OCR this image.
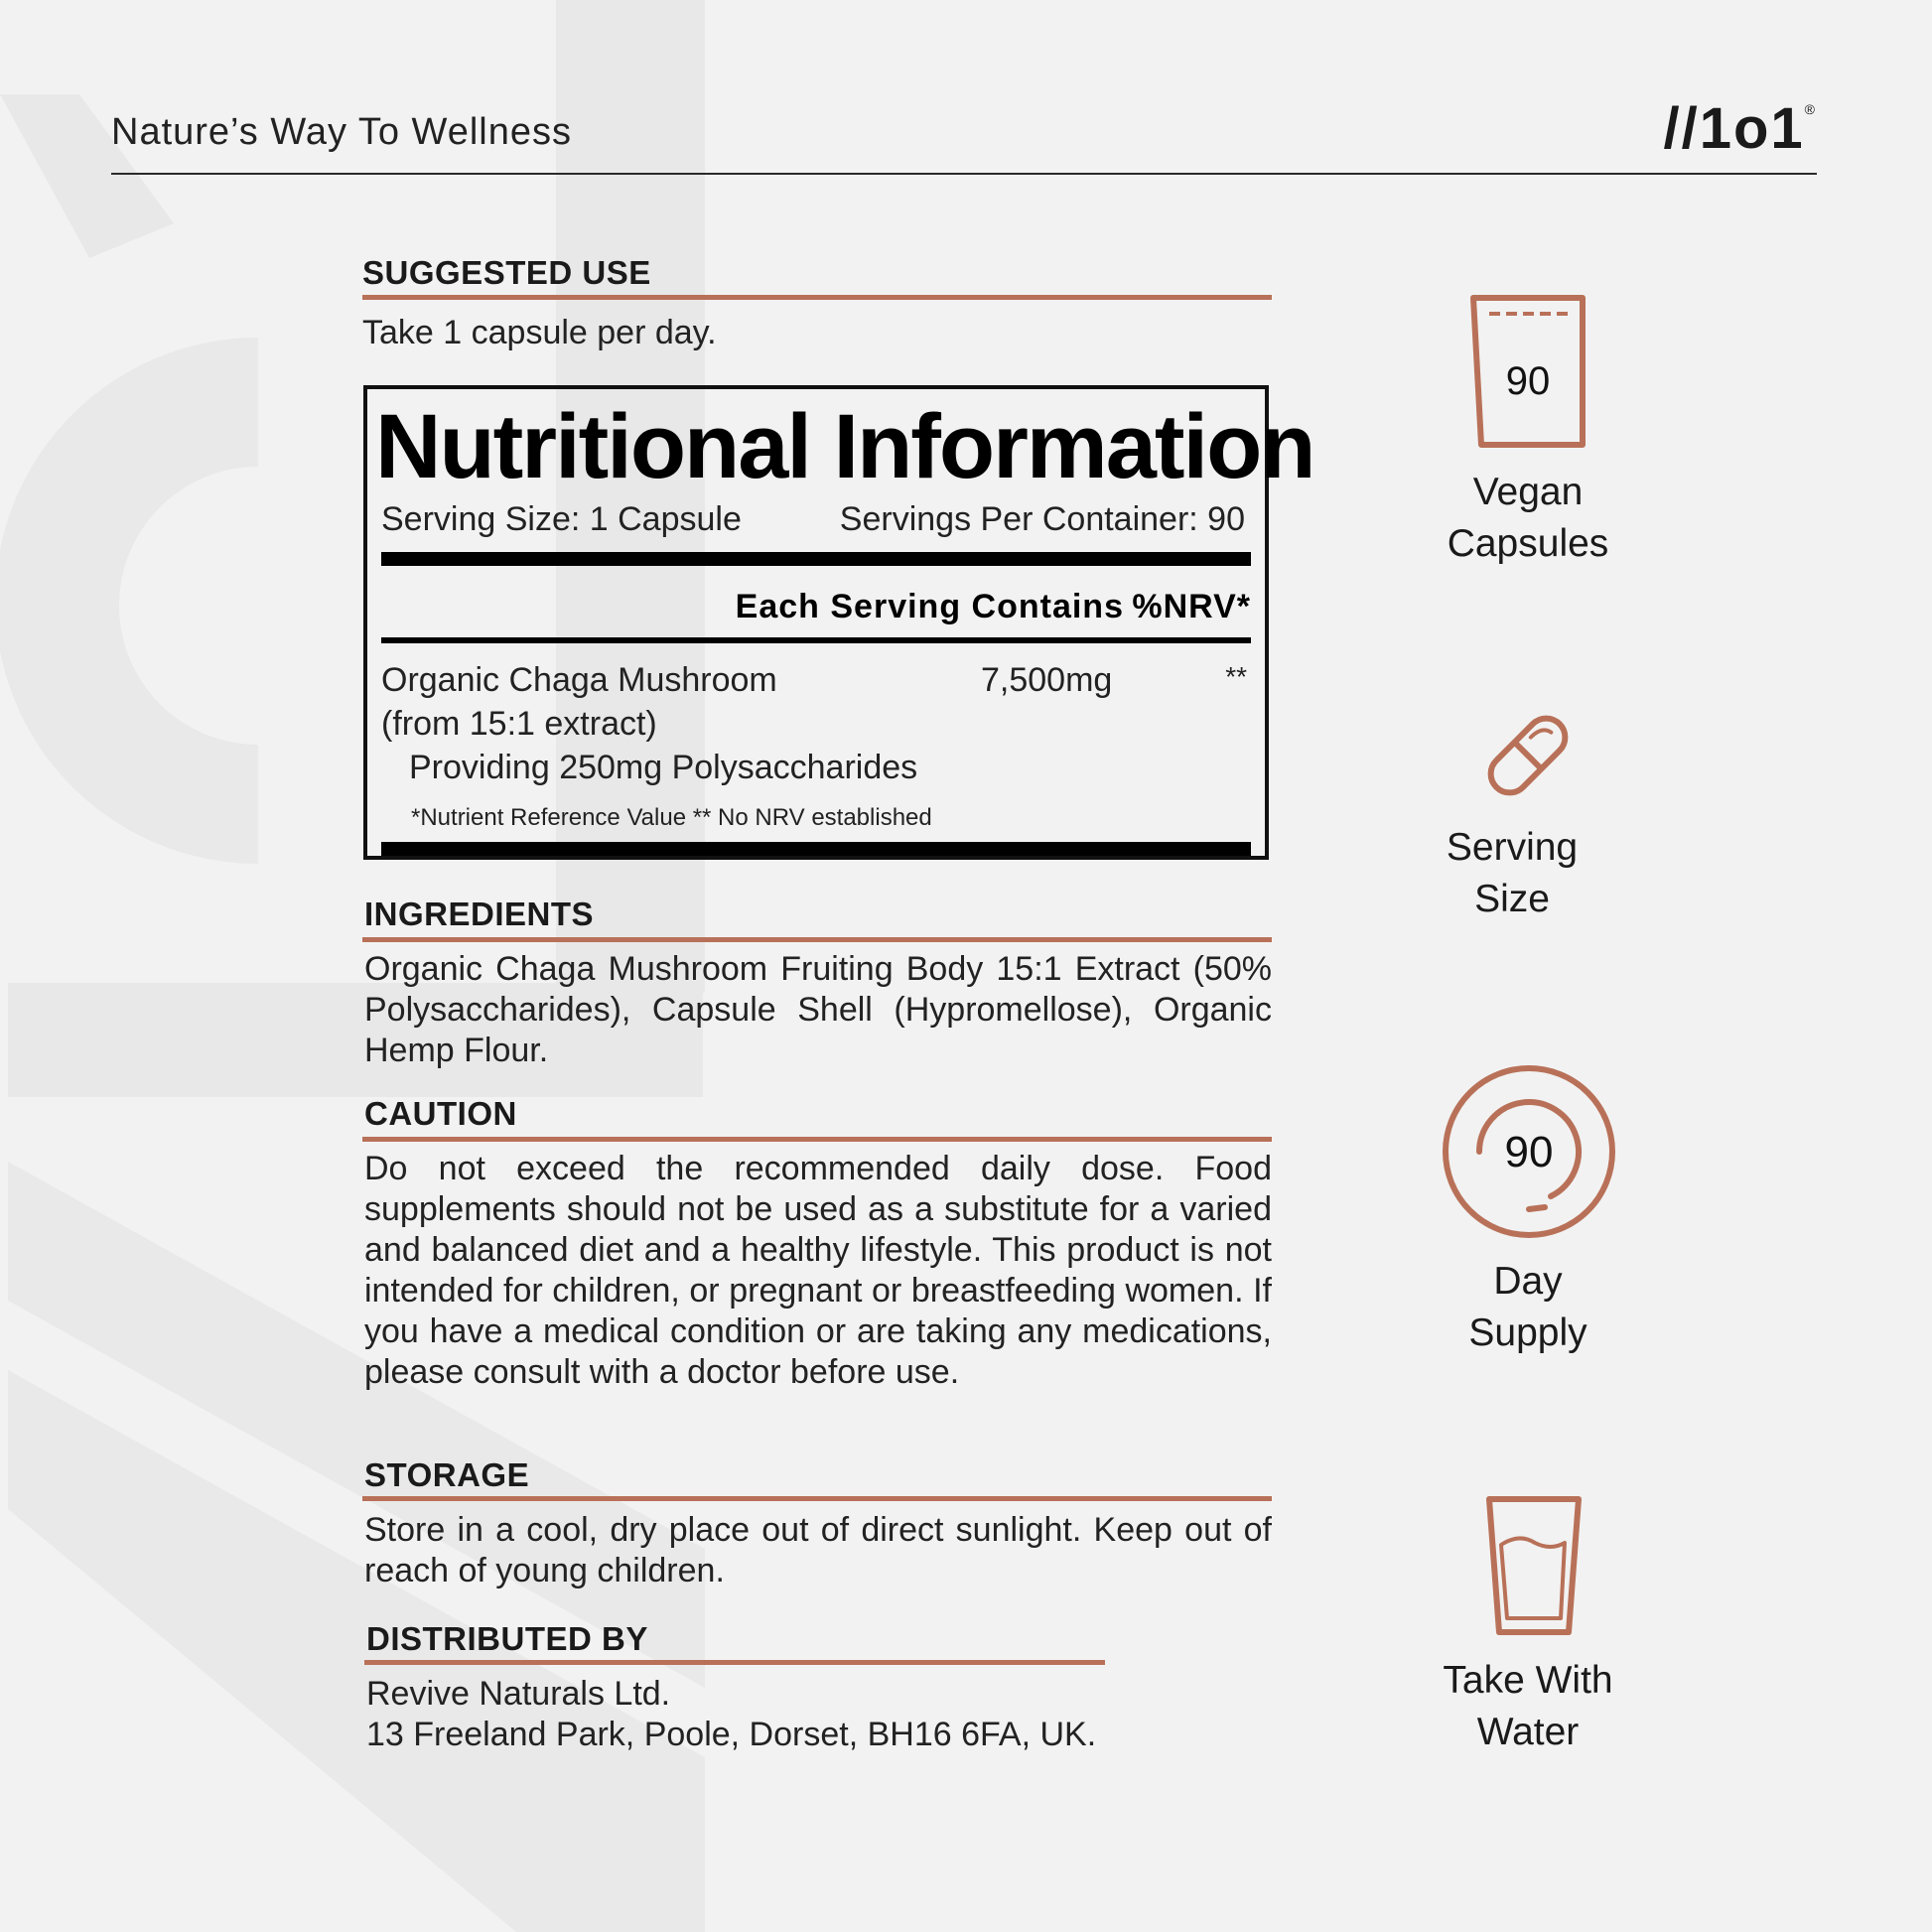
Nature’s Way To Wellness	//1o1®
SUGGESTED USE
Take 1 capsule per day.
Nutritional Information
Serving Size: 1 Capsule	Servings Per Container: 90
Each Serving Contains %NRV*
Organic Chaga Mushroom	7,500mg	**
(from 15:1 extract)
Providing 250mg Polysaccharides
*Nutrient Reference Value ** No NRV established
INGREDIENTS
Organic Chaga Mushroom Fruiting Body 15:1 Extract (50% Polysaccharides), Capsule Shell (Hypromellose), Organic Hemp Flour.
CAUTION
Do not exceed the recommended daily dose. Food supplements should not be used as a substitute for a varied and balanced diet and a healthy lifestyle. This product is not intended for children, or pregnant or breastfeeding women. If you have a medical condition or are taking any medications, please consult with a doctor before use.
STORAGE
Store in a cool, dry place out of direct sunlight. Keep out of reach of young children.
DISTRIBUTED BY
Revive Naturals Ltd.
13 Freeland Park, Poole, Dorset, BH16 6FA, UK.
90
Vegan
Capsules
Serving
Size
90
Day
Supply
Take With
Water
